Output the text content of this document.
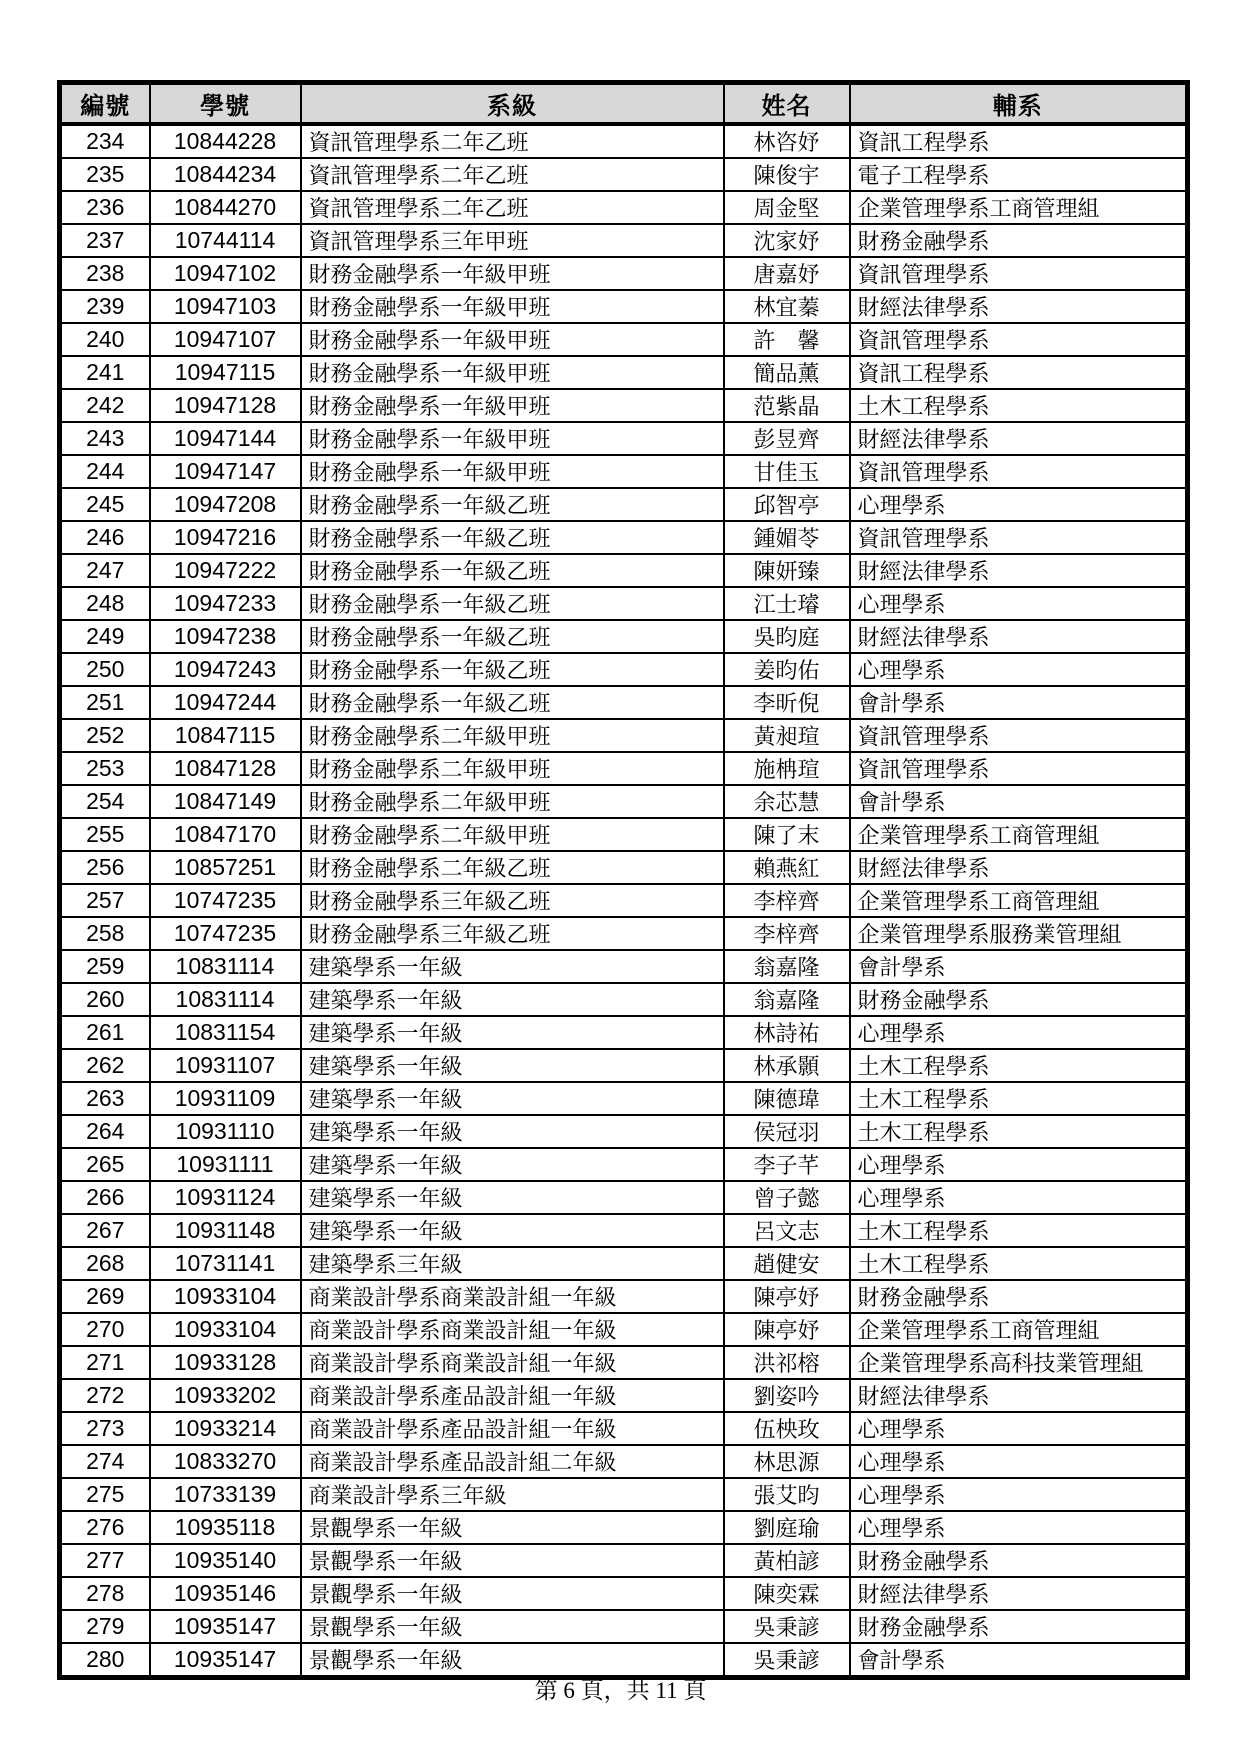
編號	學號	系級	姓名	輔系
234	10844228	資訊管理學系二年乙班	林咨妤	資訊工程學系
235	10844234	資訊管理學系二年乙班	陳俊宇	電子工程學系
236	10844270	資訊管理學系二年乙班	周金堅	企業管理學系工商管理組
237	10744114	資訊管理學系三年甲班	沈家妤	財務金融學系
238	10947102	財務金融學系一年級甲班	唐嘉妤	資訊管理學系
239	10947103	財務金融學系一年級甲班	林宜蓁	財經法律學系
240	10947107	財務金融學系一年級甲班	許　馨	資訊管理學系
241	10947115	財務金融學系一年級甲班	簡品薰	資訊工程學系
242	10947128	財務金融學系一年級甲班	范紫晶	土木工程學系
243	10947144	財務金融學系一年級甲班	彭昱齊	財經法律學系
244	10947147	財務金融學系一年級甲班	甘佳玉	資訊管理學系
245	10947208	財務金融學系一年級乙班	邱智亭	心理學系
246	10947216	財務金融學系一年級乙班	鍾媚苓	資訊管理學系
247	10947222	財務金融學系一年級乙班	陳妍臻	財經法律學系
248	10947233	財務金融學系一年級乙班	江士璿	心理學系
249	10947238	財務金融學系一年級乙班	吳昀庭	財經法律學系
250	10947243	財務金融學系一年級乙班	姜昀佑	心理學系
251	10947244	財務金融學系一年級乙班	李昕倪	會計學系
252	10847115	財務金融學系二年級甲班	黃昶瑄	資訊管理學系
253	10847128	財務金融學系二年級甲班	施柟瑄	資訊管理學系
254	10847149	財務金融學系二年級甲班	余芯慧	會計學系
255	10847170	財務金融學系二年級甲班	陳了末	企業管理學系工商管理組
256	10857251	財務金融學系二年級乙班	賴燕紅	財經法律學系
257	10747235	財務金融學系三年級乙班	李梓齊	企業管理學系工商管理組
258	10747235	財務金融學系三年級乙班	李梓齊	企業管理學系服務業管理組
259	10831114	建築學系一年級	翁嘉隆	會計學系
260	10831114	建築學系一年級	翁嘉隆	財務金融學系
261	10831154	建築學系一年級	林詩祐	心理學系
262	10931107	建築學系一年級	林承顥	土木工程學系
263	10931109	建築學系一年級	陳德瑋	土木工程學系
264	10931110	建築學系一年級	侯冠羽	土木工程學系
265	10931111	建築學系一年級	李子芊	心理學系
266	10931124	建築學系一年級	曾子懿	心理學系
267	10931148	建築學系一年級	呂文志	土木工程學系
268	10731141	建築學系三年級	趙健安	土木工程學系
269	10933104	商業設計學系商業設計組一年級	陳亭妤	財務金融學系
270	10933104	商業設計學系商業設計組一年級	陳亭妤	企業管理學系工商管理組
271	10933128	商業設計學系商業設計組一年級	洪祁榕	企業管理學系高科技業管理組
272	10933202	商業設計學系產品設計組一年級	劉姿吟	財經法律學系
273	10933214	商業設計學系產品設計組一年級	伍柍玫	心理學系
274	10833270	商業設計學系產品設計組二年級	林思源	心理學系
275	10733139	商業設計學系三年級	張艾昀	心理學系
276	10935118	景觀學系一年級	劉庭瑜	心理學系
277	10935140	景觀學系一年級	黃柏諺	財務金融學系
278	10935146	景觀學系一年級	陳奕霖	財經法律學系
279	10935147	景觀學系一年級	吳秉諺	財務金融學系
280	10935147	景觀學系一年級	吳秉諺	會計學系
第 6 頁，共 11 頁
